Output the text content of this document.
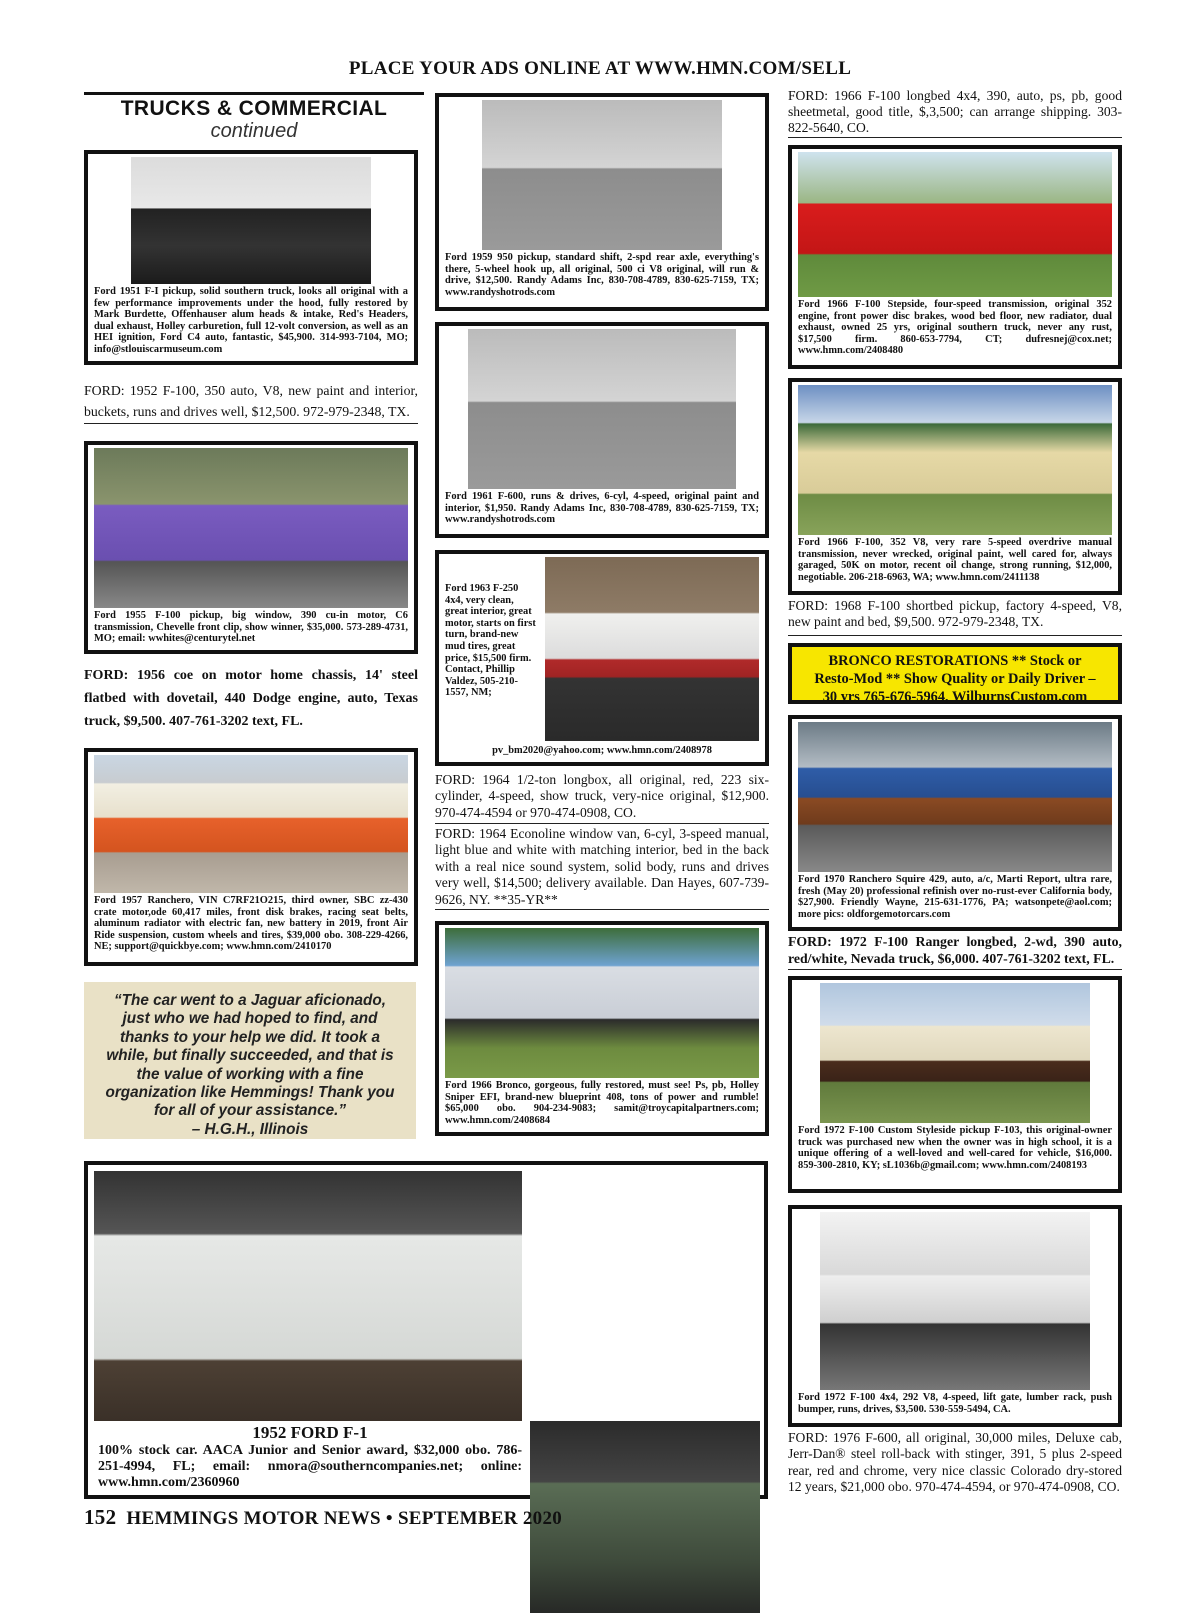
PLACE YOUR ADS ONLINE AT WWW.HMN.COM/SELL
TRUCKS & COMMERCIAL
continued
Ford 1951 F-I pickup, solid southern truck, looks all original with a few performance improvements under the hood, fully restored by Mark Burdette, Offenhauser alum heads & intake, Red's Headers, dual exhaust, Holley carburetion, full 12-volt conversion, as well as an HEI ignition, Ford C4 auto, fantastic, $45,900. 314-993-7104, MO; info@stlouiscarmuseum.com
FORD: 1952 F-100, 350 auto, V8, new paint and interior, buckets, runs and drives well, $12,500. 972-979-2348, TX.
Ford 1955 F-100 pickup, big window, 390 cu-in motor, C6 transmission, Chevelle front clip, show winner, $35,000. 573-289-4731, MO; email: wwhites@centurytel.net
FORD: 1956 coe on motor home chassis, 14' steel flatbed with dovetail, 440 Dodge engine, auto, Texas truck, $9,500. 407-761-3202 text, FL.
Ford 1957 Ranchero, VIN C7RF21O215, third owner, SBC zz-430 crate motor,ode 60,417 miles, front disk brakes, racing seat belts, aluminum radiator with electric fan, new battery in 2019, front Air Ride suspension, custom wheels and tires, $39,000 obo. 308-229-4266, NE; support@quickbye.com; www.hmn.com/2410170
“The car went to a Jaguar aficionado, just who we had hoped to find, and thanks to your help we did. It took a while, but finally succeeded, and that is the value of working with a fine organization like Hemmings! Thank you for all of your assistance.”
– H.G.H., Illinois
Ford 1959 950 pickup, standard shift, 2-spd rear axle, everything's there, 5-wheel hook up, all original, 500 ci V8 original, will run & drive, $12,500. Randy Adams Inc, 830-708-4789, 830-625-7159, TX; www.randyshotrods.com
Ford 1961 F-600, runs & drives, 6-cyl, 4-speed, original paint and interior, $1,950. Randy Adams Inc, 830-708-4789, 830-625-7159, TX; www.randyshotrods.com
Ford 1963 F-250 4x4, very clean, great interior, great motor, starts on first turn, brand-new mud tires, great price, $15,500 firm. Contact, Phillip Valdez, 505-210-1557, NM;
pv_bm2020@yahoo.com; www.hmn.com/2408978
FORD: 1964 1/2-ton longbox, all original, red, 223 six-cylinder, 4-speed, show truck, very-nice original, $12,900. 970-474-4594 or 970-474-0908, CO.
FORD: 1964 Econoline window van, 6-cyl, 3-speed manual, light blue and white with matching interior, bed in the back with a real nice sound system, solid body, runs and drives very well, $14,500; delivery available. Dan Hayes, 607-739-9626, NY. **35-YR**
Ford 1966 Bronco, gorgeous, fully restored, must see! Ps, pb, Holley Sniper EFI, brand-new blueprint 408, tons of power and rumble! $65,000 obo. 904-234-9083; samit@troycapitalpartners.com; www.hmn.com/2408684
FORD: 1966 F-100 longbed 4x4, 390, auto, ps, pb, good sheetmetal, good title, $,3,500; can arrange shipping. 303-822-5640, CO.
Ford 1966 F-100 Stepside, four-speed transmission, original 352 engine, front power disc brakes, wood bed floor, new radiator, dual exhaust, owned 25 yrs, original southern truck, never any rust, $17,500 firm. 860-653-7794, CT; dufresnej@cox.net; www.hmn.com/2408480
Ford 1966 F-100, 352 V8, very rare 5-speed overdrive manual transmission, never wrecked, original paint, well cared for, always garaged, 50K on motor, recent oil change, strong running, $12,000, negotiable. 206-218-6963, WA; www.hmn.com/2411138
FORD: 1968 F-100 shortbed pickup, factory 4-speed, V8, new paint and bed, $9,500. 972-979-2348, TX.
BRONCO RESTORATIONS ** Stock or
Resto-Mod ** Show Quality or Daily Driver –
30 yrs 765-676-5964, WilburnsCustom.com
Ford 1970 Ranchero Squire 429, auto, a/c, Marti Report, ultra rare, fresh (May 20) professional refinish over no-rust-ever California body, $27,900. Friendly Wayne, 215-631-1776, PA; watsonpete@aol.com; more pics: oldforgemotorcars.com
FORD: 1972 F-100 Ranger longbed, 2-wd, 390 auto, red/white, Nevada truck, $6,000. 407-761-3202 text, FL.
Ford 1972 F-100 Custom Styleside pickup F-103, this original-owner truck was purchased new when the owner was in high school, it is a unique offering of a well-loved and well-cared for vehicle, $16,000. 859-300-2810, KY; sL1036b@gmail.com; www.hmn.com/2408193
Ford 1972 F-100 4x4, 292 V8, 4-speed, lift gate, lumber rack, push bumper, runs, drives, $3,500. 530-559-5494, CA.
FORD: 1976 F-600, all original, 30,000 miles, Deluxe cab, Jerr-Dan® steel roll-back with stinger, 391, 5 plus 2-speed rear, red and chrome, very nice classic Colorado dry-stored 12 years, $21,000 obo. 970-474-4594, or 970-474-0908, CO.
1952 FORD F-1
100% stock car. AACA Junior and Senior award, $32,000 obo. 786-251-4994, FL; email: nmora@southerncompanies.net; online: www.hmn.com/2360960
152 HEMMINGS MOTOR NEWS • SEPTEMBER 2020
